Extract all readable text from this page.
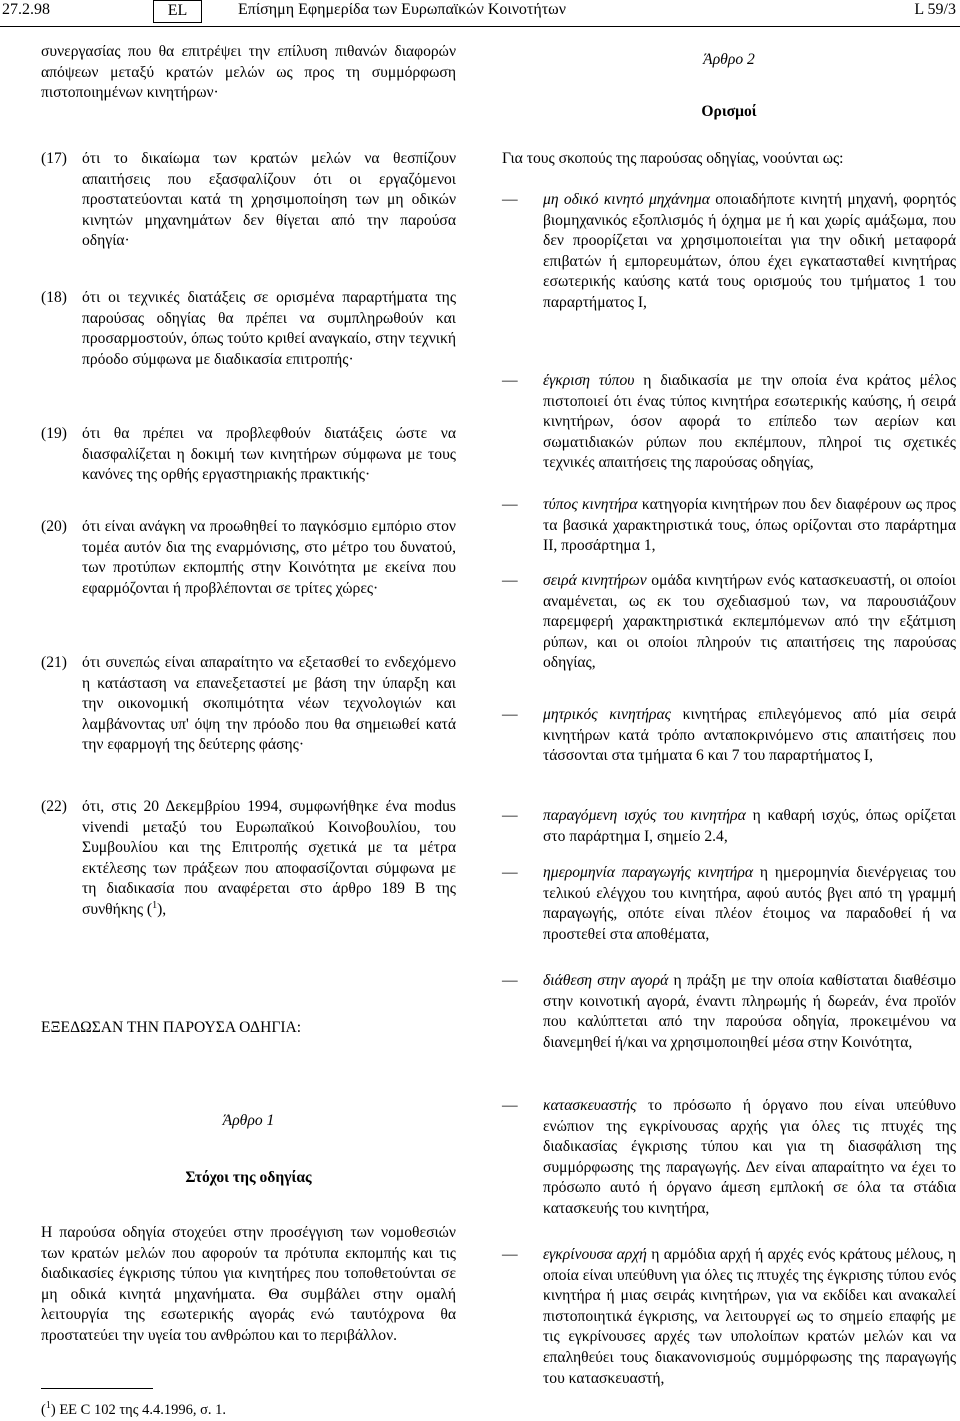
27.2.98	EL	Επίσημη Εφημερίδα των Ευρωπαϊκών Κοινοτήτων	L 59/3

συνεργασίας που θα επιτρέψει την επίλυση πιθανών διαφορών απόψεων μεταξύ κρατών μελών ως προς τη συμμόρφωση πιστοποιημένων κινητήρων·

(17) ότι το δικαίωμα των κρατών μελών να θεσπίζουν απαιτήσεις που εξασφαλίζουν ότι οι εργαζόμενοι προστατεύονται κατά τη χρησιμοποίηση των μη οδικών κινητών μηχανημάτων δεν θίγεται από την παρούσα οδηγία·
(18) ότι οι τεχνικές διατάξεις σε ορισμένα παραρτήματα της παρούσας οδηγίας θα πρέπει να συμπληρωθούν και προσαρμοστούν, όπως τούτο κριθεί αναγκαίο, στην τεχνική πρόοδο σύμφωνα με διαδικασία επιτροπής·
(19) ότι θα πρέπει να προβλεφθούν διατάξεις ώστε να διασφαλίζεται η δοκιμή των κινητήρων σύμφωνα με τους κανόνες της ορθής εργαστηριακής πρακτικής·
(20) ότι είναι ανάγκη να προωθηθεί το παγκόσμιο εμπόριο στον τομέα αυτόν δια της εναρμόνισης, στο μέτρο του δυνατού, των προτύπων εκπομπής στην Κοινότητα με εκείνα που εφαρμόζονται ή προβλέπονται σε τρίτες χώρες·
(21) ότι συνεπώς είναι απαραίτητο να εξετασθεί το ενδεχόμενο η κατάσταση να επανεξεταστεί με βάση την ύπαρξη και την οικονομική σκοπιμότητα νέων τεχνολογιών και λαμβάνοντας υπ' όψη την πρόοδο που θα σημειωθεί κατά την εφαρμογή της δεύτερης φάσης·
(22) ότι, στις 20 Δεκεμβρίου 1994, συμφωνήθηκε ένα modus vivendi μεταξύ του Ευρωπαϊκού Κοινοβουλίου, του Συμβουλίου και της Επιτροπής σχετικά με τα μέτρα εκτέλεσης των πράξεων που αποφασίζονται σύμφωνα με τη διαδικασία που αναφέρεται στο άρθρο 189 Β της συνθήκης ($^1$),

ΕΞΕΔΩΣΑΝ ΤΗΝ ΠΑΡΟΥΣΑ ΟΔΗΓΙΑ:

Άρθρο 1
Στόχοι της οδηγίας

Η παρούσα οδηγία στοχεύει στην προσέγγιση των νομοθεσιών των κρατών μελών που αφορούν τα πρότυπα εκπομπής και τις διαδικασίες έγκρισης τύπου για κινητήρες που τοποθετούνται σε μη οδικά κινητά μηχανήματα. Θα συμβάλει στην ομαλή λειτουργία της εσωτερικής αγοράς ενώ ταυτόχρονα θα προστατεύει την υγεία του ανθρώπου και το περιβάλλον.

($^1$) ΕΕ C 102 της 4.4.1996, σ. 1.
Άρθρο 2
Ορισμοί

Για τους σκοπούς της παρούσας οδηγίας, νοούνται ως:

— μη οδικό κινητό μηχάνημα οποιαδήποτε κινητή μηχανή, φορητός βιομηχανικός εξοπλισμός ή όχημα με ή και χωρίς αμάξωμα, που δεν προορίζεται να χρησιμοποιείται για την οδική μεταφορά επιβατών ή εμπορευμάτων, όπου έχει εγκατασταθεί κινητήρας εσωτερικής καύσης κατά τους ορισμούς του τμήματος 1 του παραρτήματος Ι,
— έγκριση τύπου η διαδικασία με την οποία ένα κράτος μέλος πιστοποιεί ότι ένας τύπος κινητήρα εσωτερικής καύσης, ή σειρά κινητήρων, όσον αφορά το επίπεδο των αερίων και σωματιδιακών ρύπων που εκπέμπουν, πληροί τις σχετικές τεχνικές απαιτήσεις της παρούσας οδηγίας,
— τύπος κινητήρα κατηγορία κινητήρων που δεν διαφέρουν ως προς τα βασικά χαρακτηριστικά τους, όπως ορίζονται στο παράρτημα ΙΙ, προσάρτημα 1,
— σειρά κινητήρων ομάδα κινητήρων ενός κατασκευαστή, οι οποίοι αναμένεται, ως εκ του σχεδιασμού των, να παρουσιάζουν παρεμφερή χαρακτηριστικά εκπεμπόμενων από την εξάτμιση ρύπων, και οι οποίοι πληρούν τις απαιτήσεις της παρούσας οδηγίας,
— μητρικός κινητήρας κινητήρας επιλεγόμενος από μία σειρά κινητήρων κατά τρόπο ανταποκρινόμενο στις απαιτήσεις που τάσσονται στα τμήματα 6 και 7 του παραρτήματος Ι,
— παραγόμενη ισχύς του κινητήρα η καθαρή ισχύς, όπως ορίζεται στο παράρτημα Ι, σημείο 2.4,
— ημερομηνία παραγωγής κινητήρα η ημερομηνία διενέργειας του τελικού ελέγχου του κινητήρα, αφού αυτός βγει από τη γραμμή παραγωγής, οπότε είναι πλέον έτοιμος να παραδοθεί ή να προστεθεί στα αποθέματα,
— διάθεση στην αγορά η πράξη με την οποία καθίσταται διαθέσιμο στην κοινοτική αγορά, έναντι πληρωμής ή δωρεάν, ένα προϊόν που καλύπτεται από την παρούσα οδηγία, προκειμένου να διανεμηθεί ή/και να χρησιμοποιηθεί μέσα στην Κοινότητα,
— κατασκευαστής το πρόσωπο ή όργανο που είναι υπεύθυνο ενώπιον της εγκρίνουσας αρχής για όλες τις πτυχές της διαδικασίας έγκρισης τύπου και για τη διασφάλιση της συμμόρφωσης της παραγωγής. Δεν είναι απαραίτητο να έχει το πρόσωπο αυτό ή όργανο άμεση εμπλοκή σε όλα τα στάδια κατασκευής του κινητήρα,
— εγκρίνουσα αρχή η αρμόδια αρχή ή αρχές ενός κράτους μέλους, η οποία είναι υπεύθυνη για όλες τις πτυχές της έγκρισης τύπου ενός κινητήρα ή μιας σειράς κινητήρων, για να εκδίδει και ανακαλεί πιστοποιητικά έγκρισης, να λειτουργεί ως το σημείο επαφής με τις εγκρίνουσες αρχές των υπολοίπων κρατών μελών και να επαληθεύει τους διακανονισμούς συμμόρφωσης της παραγωγής του κατασκευαστή,
